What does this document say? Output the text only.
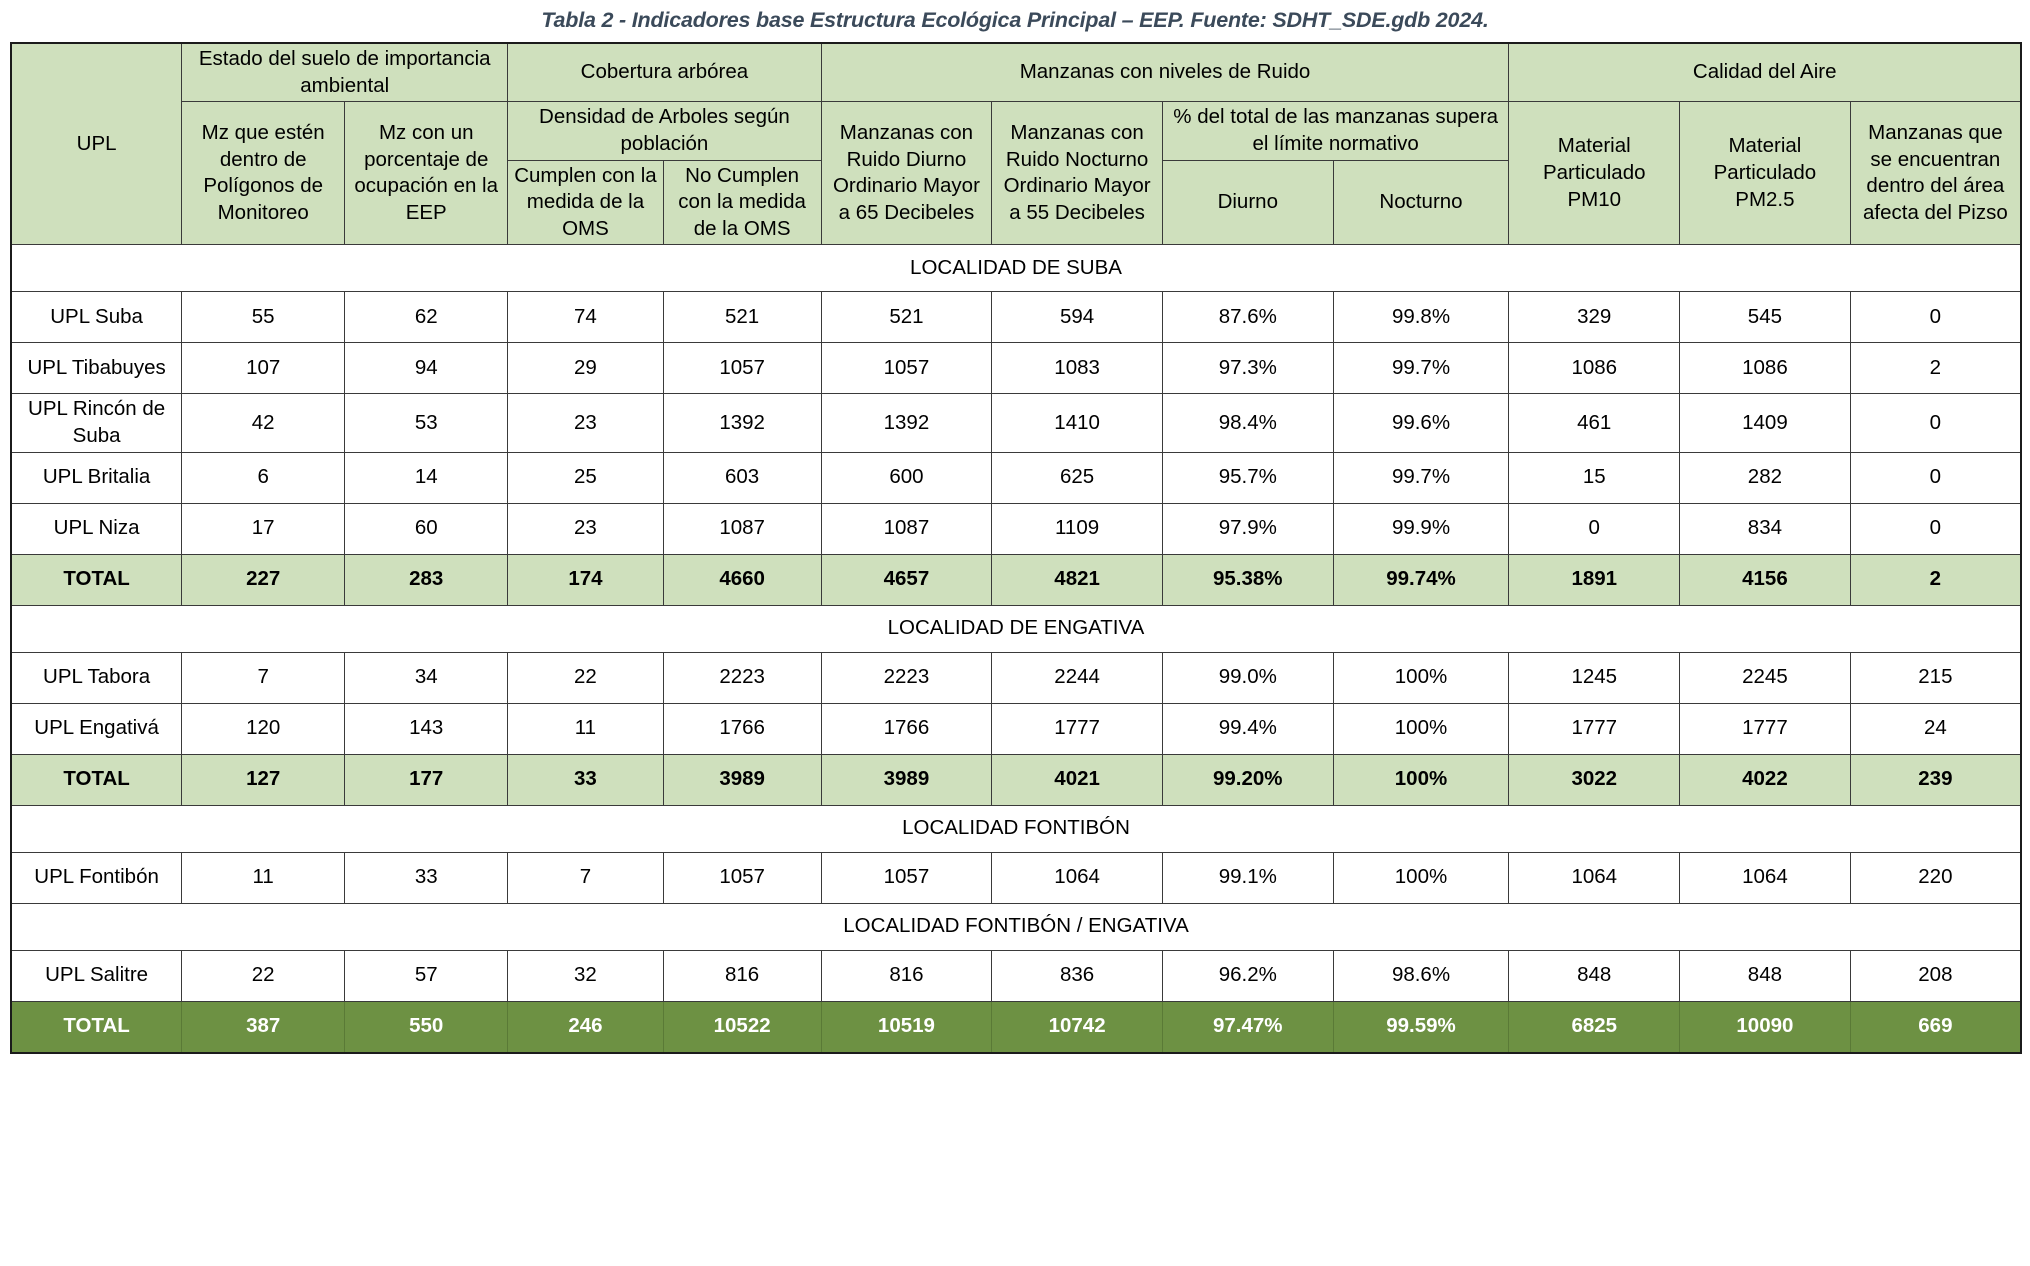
Tabla 2 - Indicadores base Estructura Ecológica Principal – EEP. Fuente: SDHT_SDE.gdb 2024.
UPL	Estado del suelo de importancia ambiental		Cobertura arbórea		Manzanas con niveles de Ruido				Calidad del Aire		
	Mz que estén dentro de Polígonos de Monitoreo	Mz con un porcentaje de ocupación en la EEP	Densidad de Arboles según población		Manzanas con Ruido Diurno Ordinario Mayor a 65 Decibeles	Manzanas con Ruido Nocturno Ordinario Mayor a 55 Decibeles	% del total de las manzanas supera el límite normativo		Material Particulado PM10	Material Particulado PM2.5	Manzanas que se encuentran dentro del área afecta del Pizso
			Cumplen con la medida de la OMS	No Cumplen con la medida de la OMS			Diurno	Nocturno			
LOCALIDAD DE SUBA											
UPL Suba	55	62	74	521	521	594	87.6%	99.8%	329	545	0
UPL Tibabuyes	107	94	29	1057	1057	1083	97.3%	99.7%	1086	1086	2
UPL Rincón de Suba	42	53	23	1392	1392	1410	98.4%	99.6%	461	1409	0
UPL Britalia	6	14	25	603	600	625	95.7%	99.7%	15	282	0
UPL Niza	17	60	23	1087	1087	1109	97.9%	99.9%	0	834	0
TOTAL	227	283	174	4660	4657	4821	95.38%	99.74%	1891	4156	2
LOCALIDAD DE ENGATIVA											
UPL Tabora	7	34	22	2223	2223	2244	99.0%	100%	1245	2245	215
UPL Engativá	120	143	11	1766	1766	1777	99.4%	100%	1777	1777	24
TOTAL	127	177	33	3989	3989	4021	99.20%	100%	3022	4022	239
LOCALIDAD FONTIBÓN											
UPL Fontibón	11	33	7	1057	1057	1064	99.1%	100%	1064	1064	220
LOCALIDAD FONTIBÓN / ENGATIVA											
UPL Salitre	22	57	32	816	816	836	96.2%	98.6%	848	848	208
TOTAL	387	550	246	10522	10519	10742	97.47%	99.59%	6825	10090	669
